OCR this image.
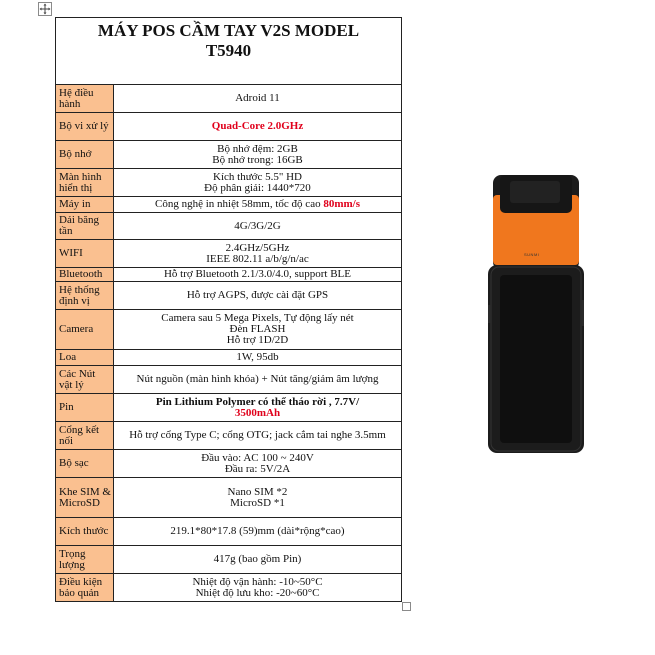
MÁY POS CẦM TAY V2S MODEL
T5940	

Hệ điều hành	Adroid 11

Bộ vi xử lý	Quad-Core 2.0GHz

Bộ nhớ	Bộ nhớ đệm: 2GB
Bộ nhớ trong: 16GB

Màn hình hiển thị	Kích thước 5.5" HD
Độ phân giải: 1440*720

Máy in	Công nghệ in nhiệt 58mm, tốc độ cao 80mm/s
Dải băng tần	4G/3G/2G

WIFI	2.4GHz/5GHz
IEEE 802.11 a/b/g/n/ac

Bluetooth	Hỗ trợ Bluetooth 2.1/3.0/4.0, support BLE

Hệ thống định vị	Hỗ trợ AGPS, được cài đặt GPS

Camera	Camera sau 5 Mega Pixels, Tự động lấy nét
Đèn FLASH
Hỗ trợ 1D/2D

Loa	1W, 95db

Các Nút vật lý	Nút nguồn (màn hình khóa) + Nút tăng/giảm âm lượng

Pin	Pin Lithium Polymer có thể tháo rời , 7.7V/
3500mAh

Cổng kết nối	Hỗ trợ cổng Type C; cổng OTG; jack cắm tai nghe 3.5mm

Bộ sạc	Đầu vào: AC 100 ~ 240V
Đầu ra: 5V/2A

Khe SIM & MicroSD	Nano SIM *2
MicroSD *1

Kích thước	219.1*80*17.8 (59)mm (dài*rộng*cao)

Trọng lượng	417g (bao gồm Pin)

Điều kiện bảo quản	Nhiệt độ vận hành: -10~50°C
Nhiệt độ lưu kho: -20~60°C
SUNMI
